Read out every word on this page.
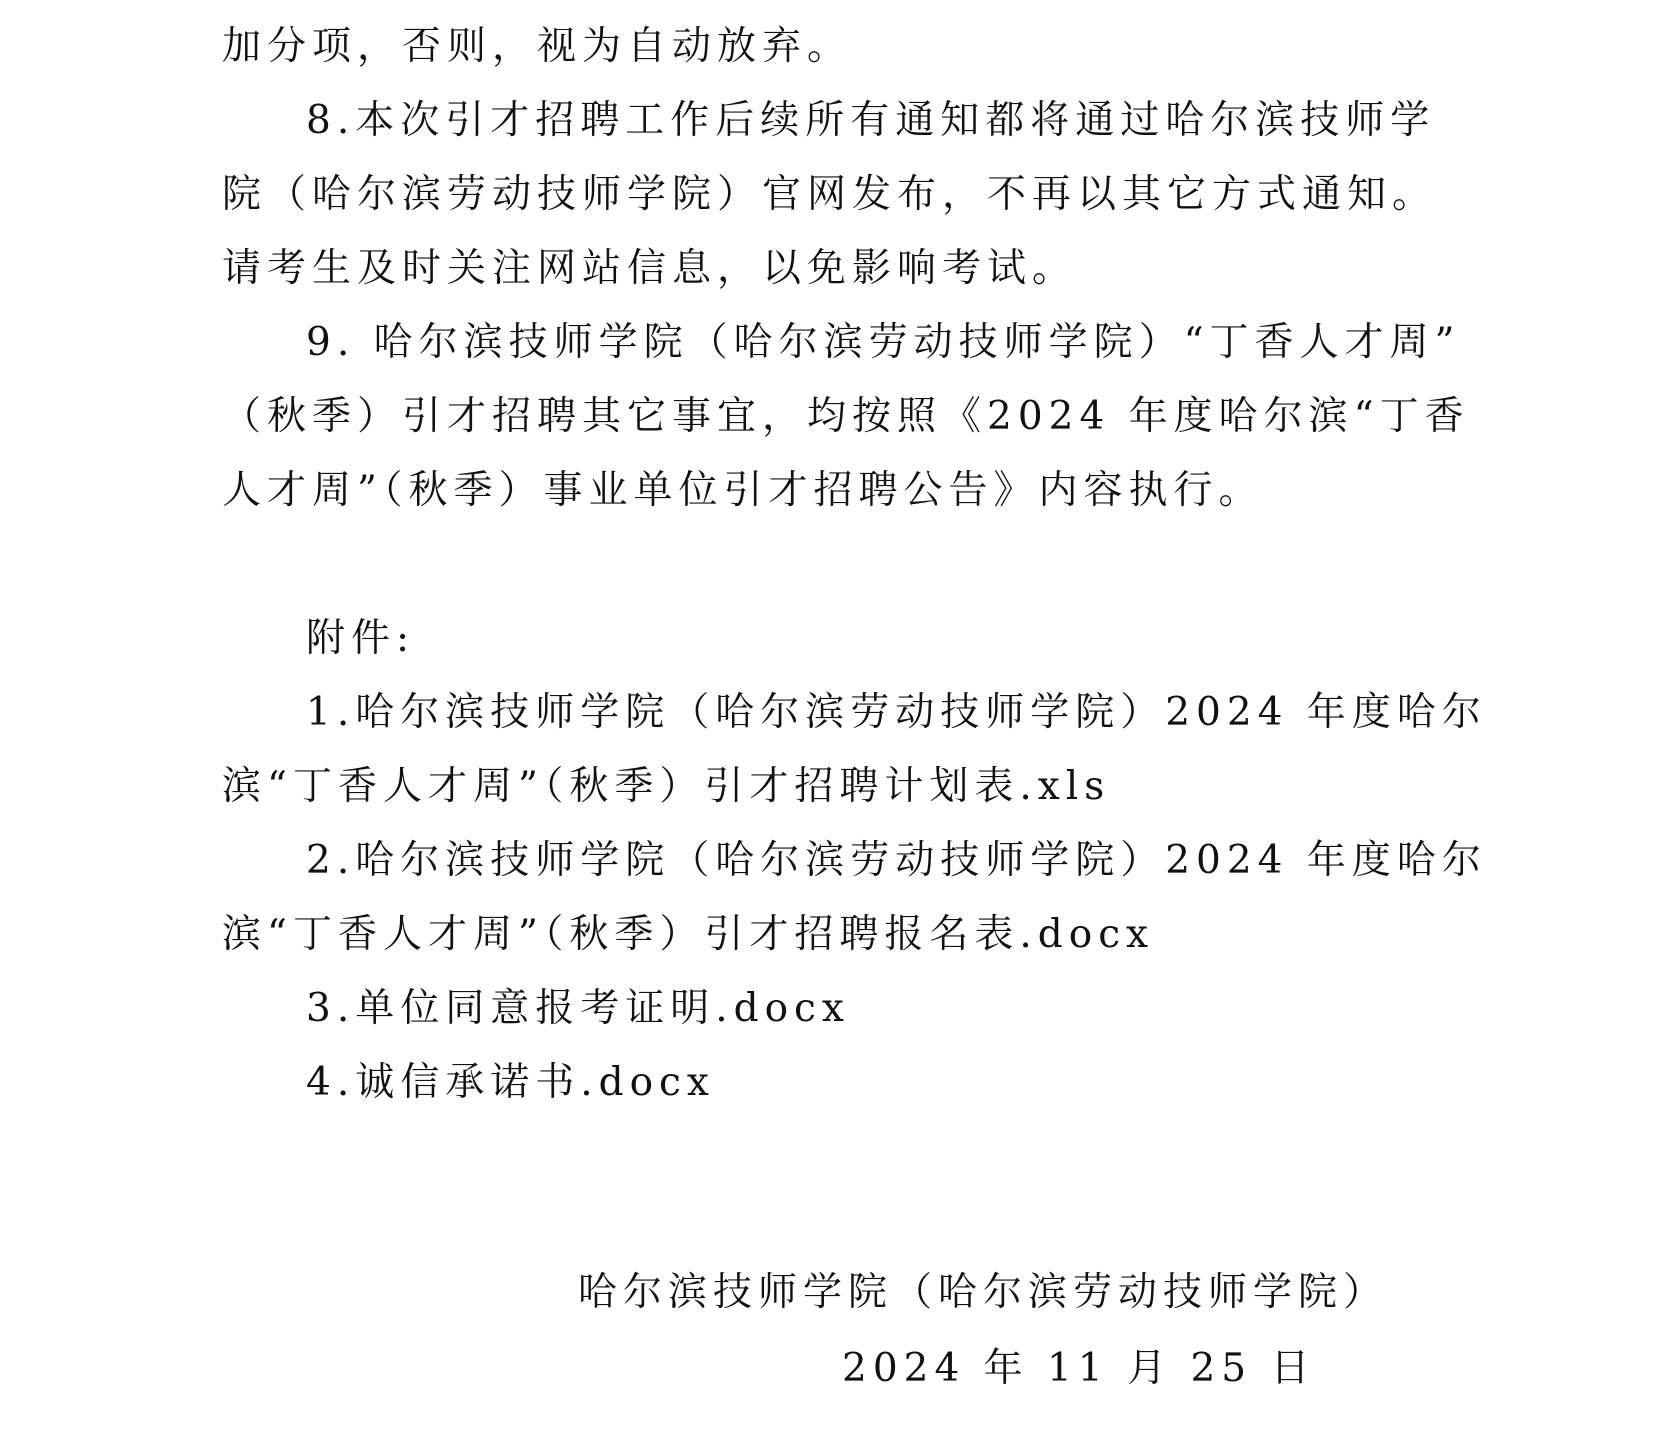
加分项，否则，视为自动放弃。
8.本次引才招聘工作后续所有通知都将通过哈尔滨技师学
院（哈尔滨劳动技师学院）官网发布，不再以其它方式通知。
请考生及时关注网站信息，以免影响考试。
9. 哈尔滨技师学院（哈尔滨劳动技师学院）“丁香人才周”
（秋季）引才招聘其它事宜，均按照《2024 年度哈尔滨“丁香
人才周”（秋季）事业单位引才招聘公告》内容执行。
附件:
1.哈尔滨技师学院（哈尔滨劳动技师学院）2024 年度哈尔
滨“丁香人才周”（秋季）引才招聘计划表.xls
2.哈尔滨技师学院（哈尔滨劳动技师学院）2024 年度哈尔
滨“丁香人才周”（秋季）引才招聘报名表.docx
3.单位同意报考证明.docx
4.诚信承诺书.docx
哈尔滨技师学院（哈尔滨劳动技师学院）
2024 年 11 月 25 日
